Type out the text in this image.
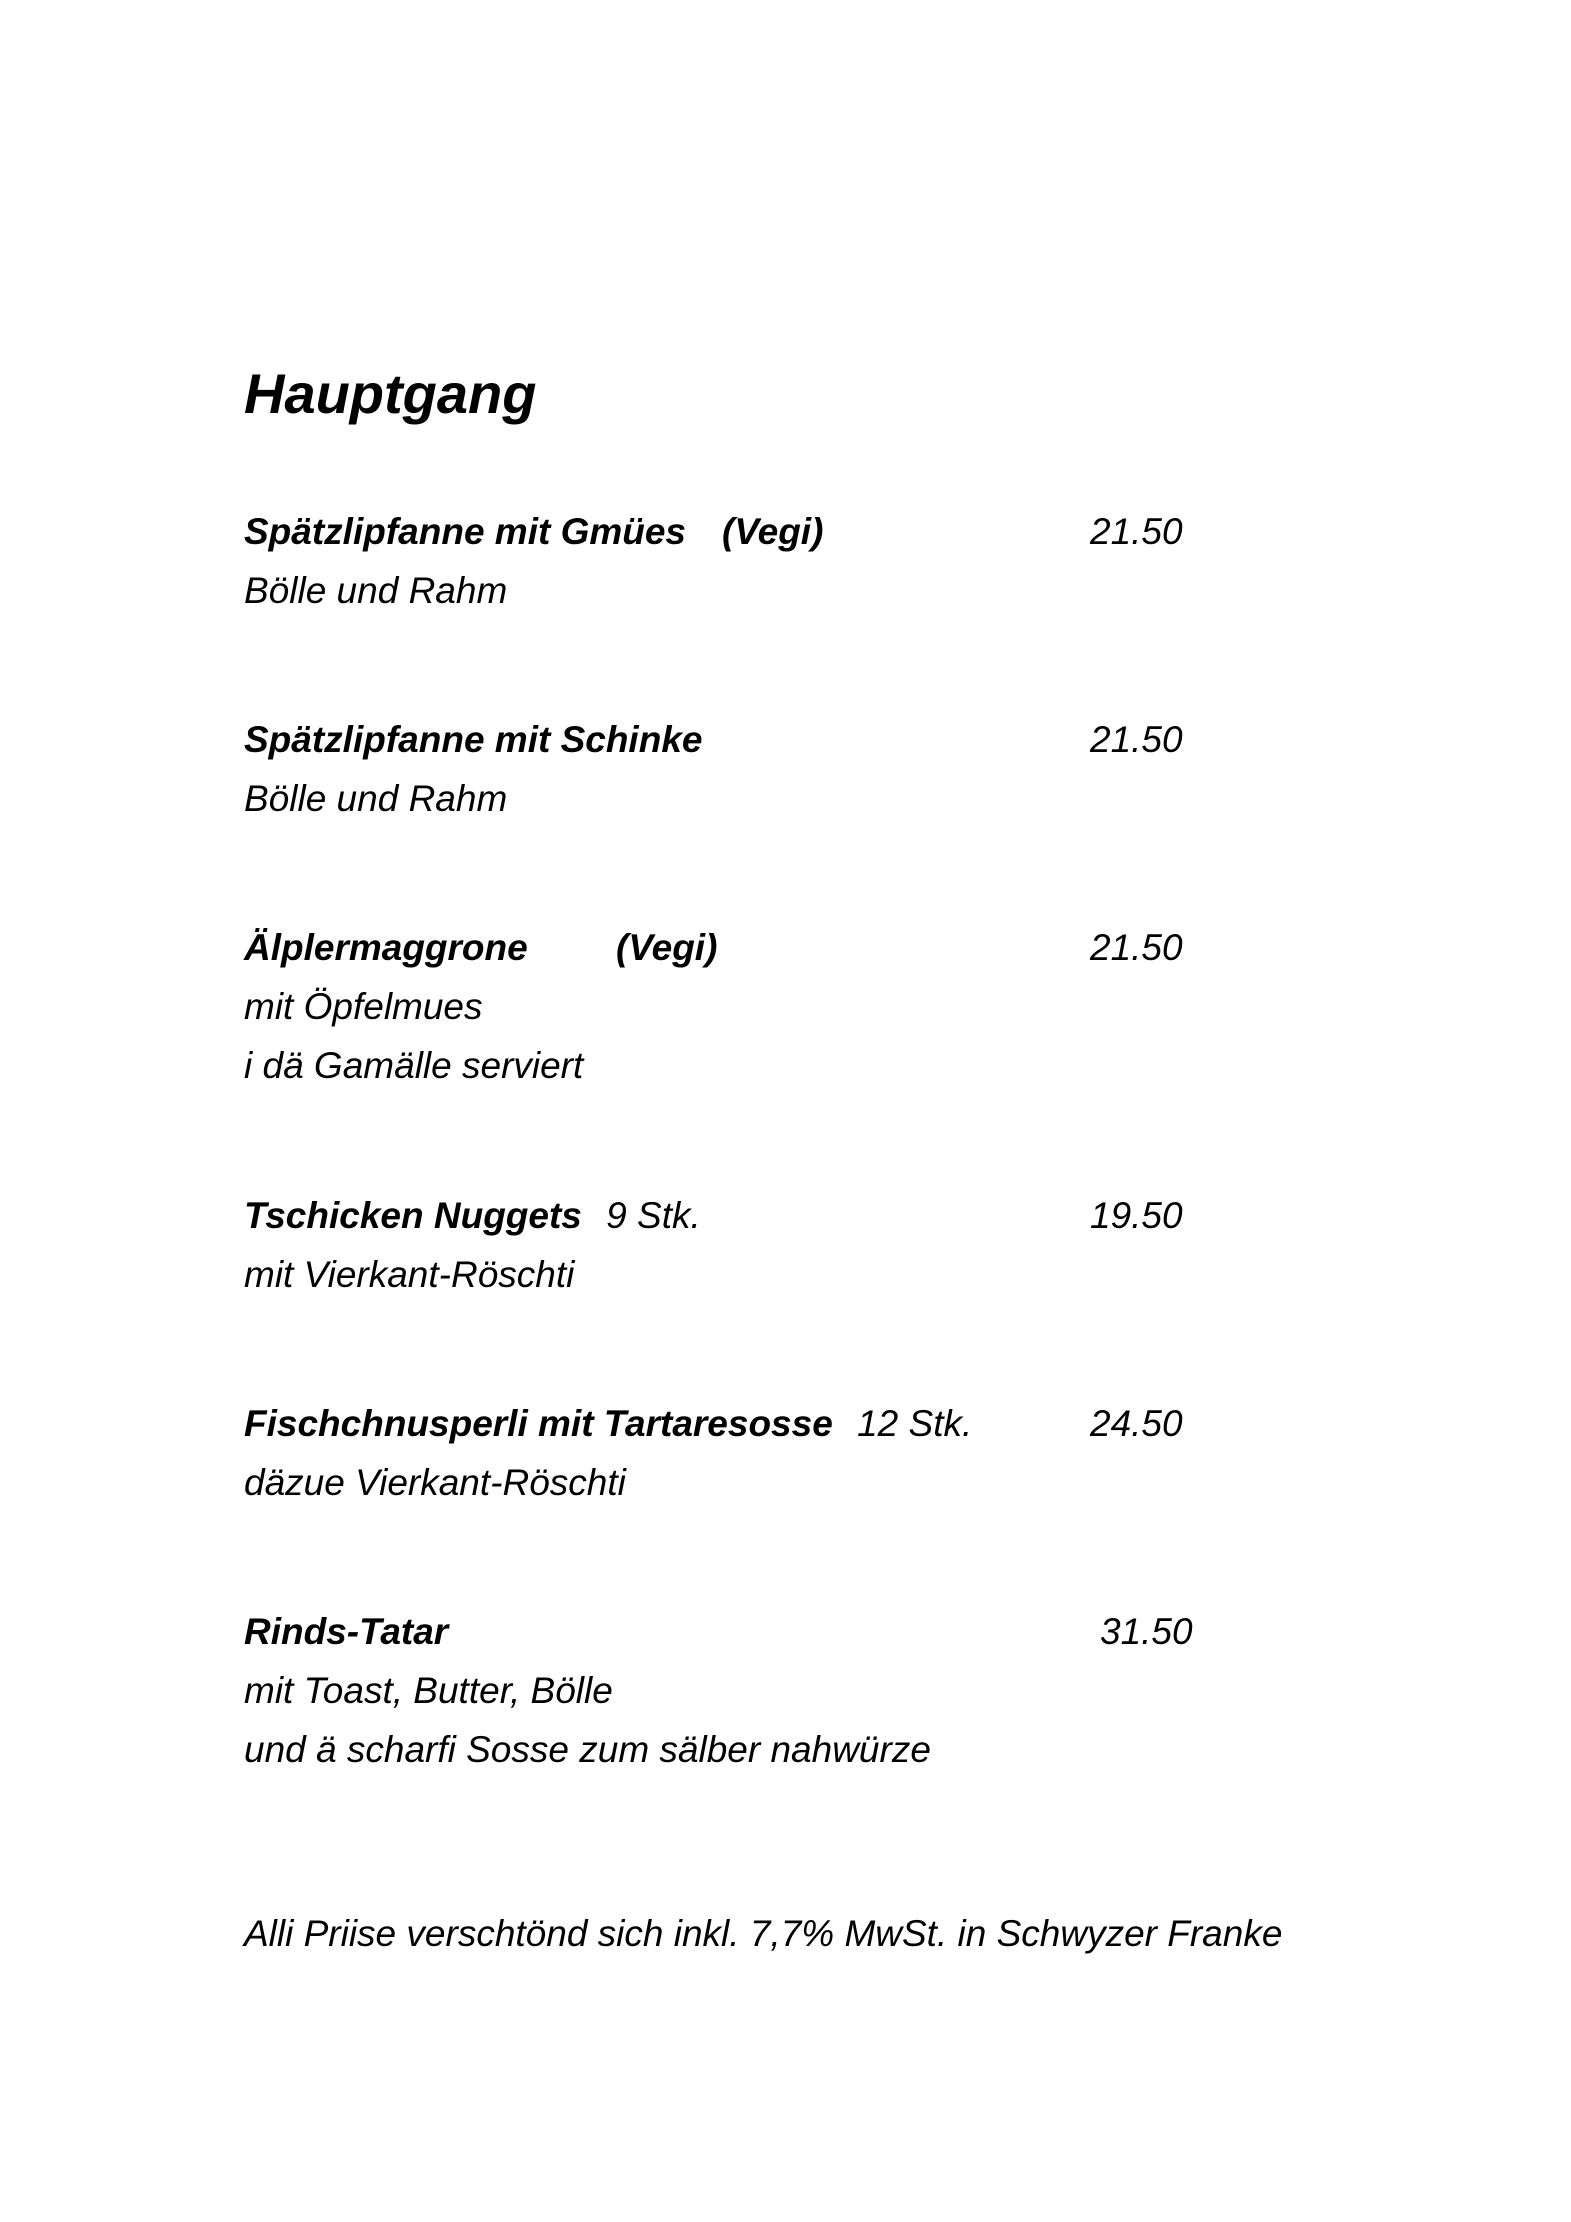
Hauptgang
Spätzlipfanne mit Gmües (Vegi)	21.50
Bölle und Rahm
Spätzlipfanne mit Schinke	21.50
Bölle und Rahm
Älplermaggrone (Vegi)	21.50
mit Öpfelmues
i dä Gamälle serviert
Tschicken Nuggets 9 Stk.	19.50
mit Vierkant-Röschti
Fischchnusperli mit Tartaresosse 12 Stk.	24.50
däzue Vierkant-Röschti
Rinds-Tatar	31.50
mit Toast, Butter, Bölle
und ä scharfi Sosse zum sälber nahwürze
Alli Priise verschtönd sich inkl. 7,7% MwSt. in Schwyzer Franke
